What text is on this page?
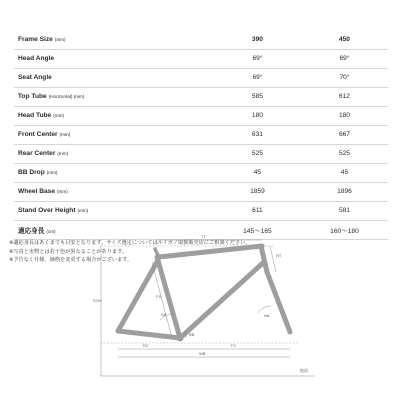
Frame Size (mm)	390	450
Head Angle	69°	69°
Seat Angle	69°	70°
Top Tube (Horizontal) (mm)	585	612
Head Tube (mm)	180	180
Front Center (mm)	631	667
Rear Center (mm)	525	525
BB Drop (mm)	45	45
Wheel Base (mm)	1859	1896
Stand Over Height (mm)	611	581
適応身長 (cm)	145～165	160～180
※適応身長はあくまでも目安となります。サイズ選定についてはルイガノ取扱販売店にご相談ください。
※写真と実物とは若干色が異なることがあります。
※予告なく仕様、価格を変更する場合がございます。
TT
HT
FS
SA	HA
BB
SOH
RC	FC
WB
地面
